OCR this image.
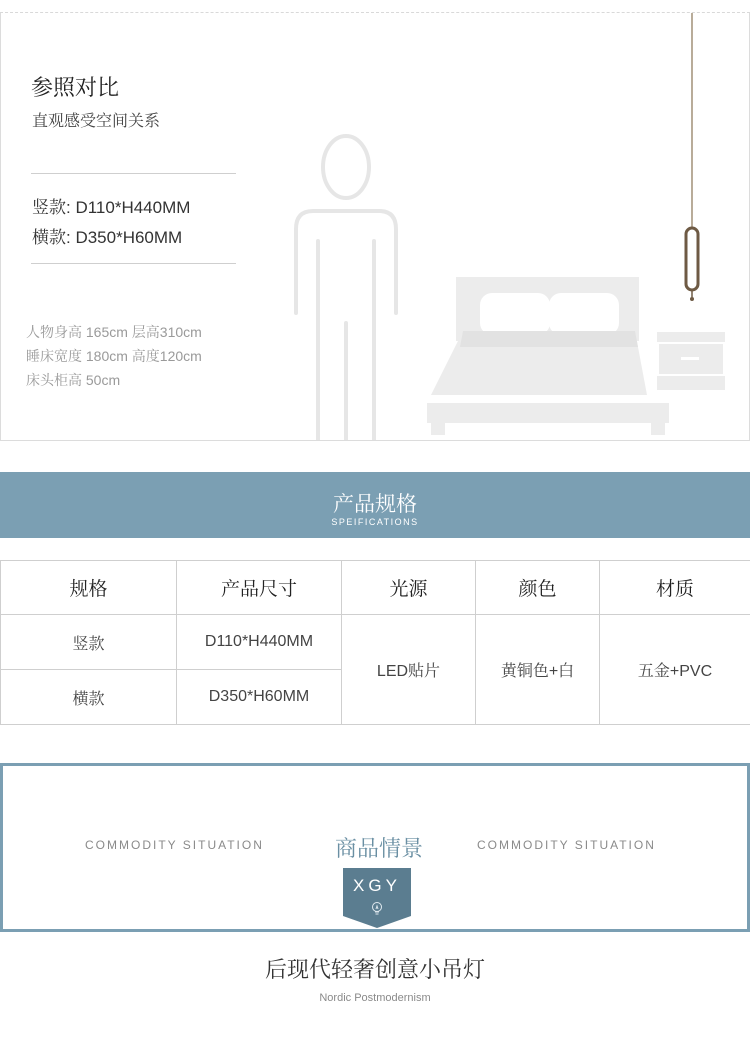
参照对比
直观感受空间关系
竖款: D110*H440MM
横款: D350*H60MM
人物身高 165cm 层高310cm
睡床宽度 180cm 高度120cm
床头柜高 50cm
产品规格
SPEIFICATIONS
规格	产品尺寸	光源	颜色	材质
竖款	D110*H440MM	LED贴片	黄铜色+白	五金+PVC
横款	D350*H60MM			
COMMODITY SITUATION	商品情景	COMMODITY SITUATION
XGY
后现代轻奢创意小吊灯
Nordic Postmodernism
